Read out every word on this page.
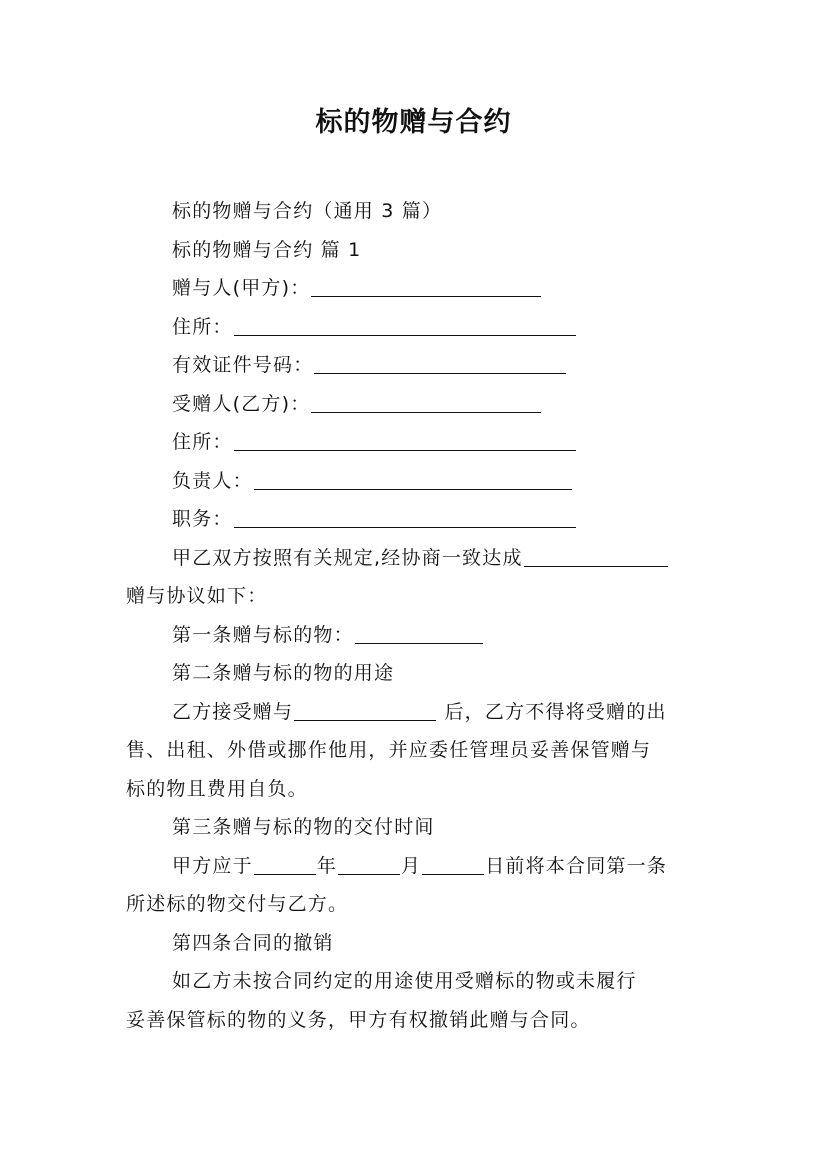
标的物赠与合约
标的物赠与合约（通用 3 篇）
标的物赠与合约 篇 1
赠与人(甲方)：
住所：
有效证件号码：
受赠人(乙方)：
住所：
负责人：
职务：
甲乙双方按照有关规定,经协商一致达成
赠与协议如下：
第一条赠与标的物：
第二条赠与标的物的用途
乙方接受赠与	后，乙方不得将受赠的出
售、出租、外借或挪作他用，并应委任管理员妥善保管赠与
标的物且费用自负。
第三条赠与标的物的交付时间
甲方应于	年	月	日前将本合同第一条
所述标的物交付与乙方。
第四条合同的撤销
如乙方未按合同约定的用途使用受赠标的物或未履行
妥善保管标的物的义务，甲方有权撤销此赠与合同。
